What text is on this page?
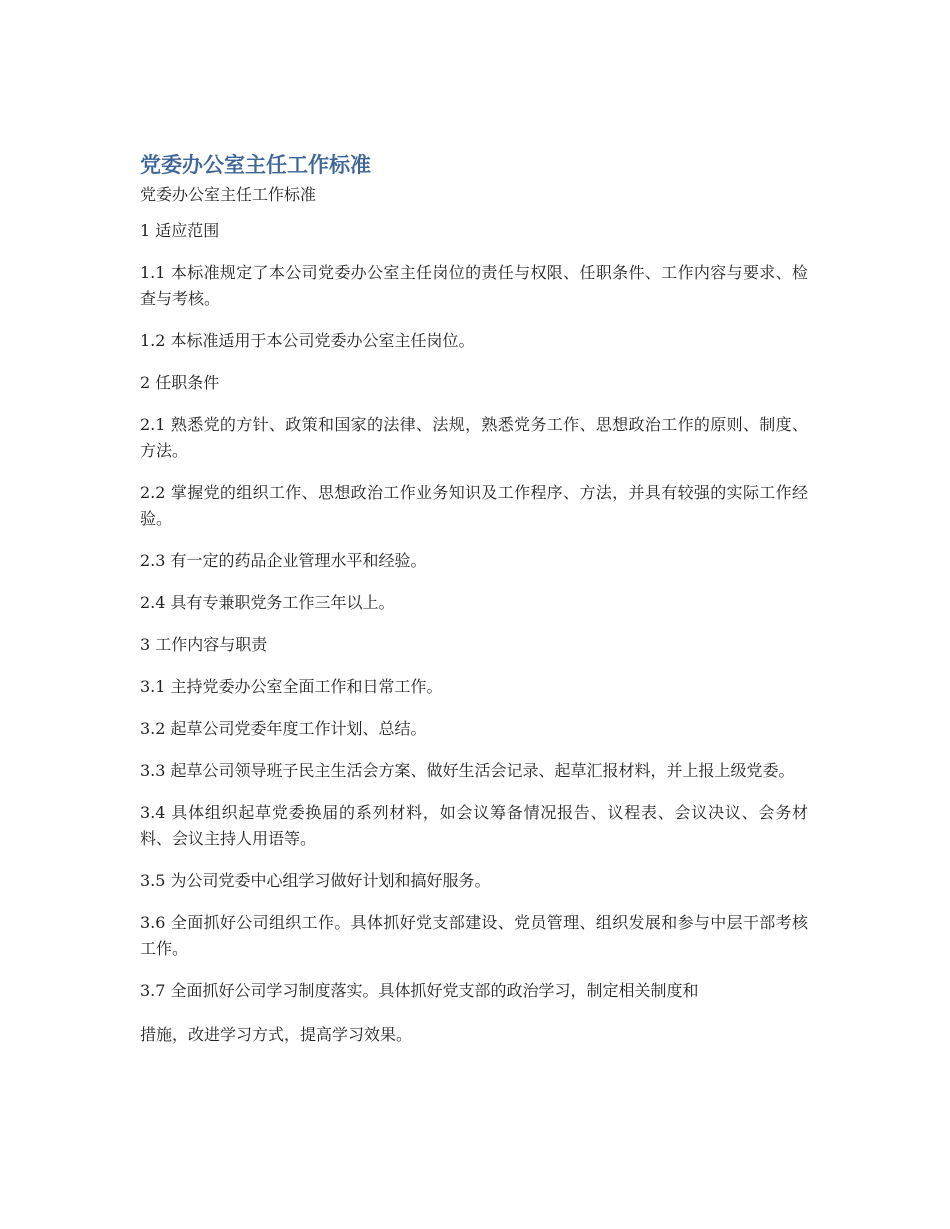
党委办公室主任工作标准

党委办公室主任工作标准

1 适应范围

1.1 本标准规定了本公司党委办公室主任岗位的责任与权限、任职条件、工作内容与要求、检查与考核。

1.2 本标准适用于本公司党委办公室主任岗位。

2 任职条件

2.1 熟悉党的方针、政策和国家的法律、法规，熟悉党务工作、思想政治工作的原则、制度、方法。

2.2 掌握党的组织工作、思想政治工作业务知识及工作程序、方法，并具有较强的实际工作经验。

2.3 有一定的药品企业管理水平和经验。

2.4 具有专兼职党务工作三年以上。

3 工作内容与职责

3.1 主持党委办公室全面工作和日常工作。

3.2 起草公司党委年度工作计划、总结。

3.3 起草公司领导班子民主生活会方案、做好生活会记录、起草汇报材料，并上报上级党委。

3.4 具体组织起草党委换届的系列材料，如会议筹备情况报告、议程表、会议决议、会务材料、会议主持人用语等。

3.5 为公司党委中心组学习做好计划和搞好服务。

3.6 全面抓好公司组织工作。具体抓好党支部建设、党员管理、组织发展和参与中层干部考核工作。

3.7 全面抓好公司学习制度落实。具体抓好党支部的政治学习，制定相关制度和

措施，改进学习方式，提高学习效果。
